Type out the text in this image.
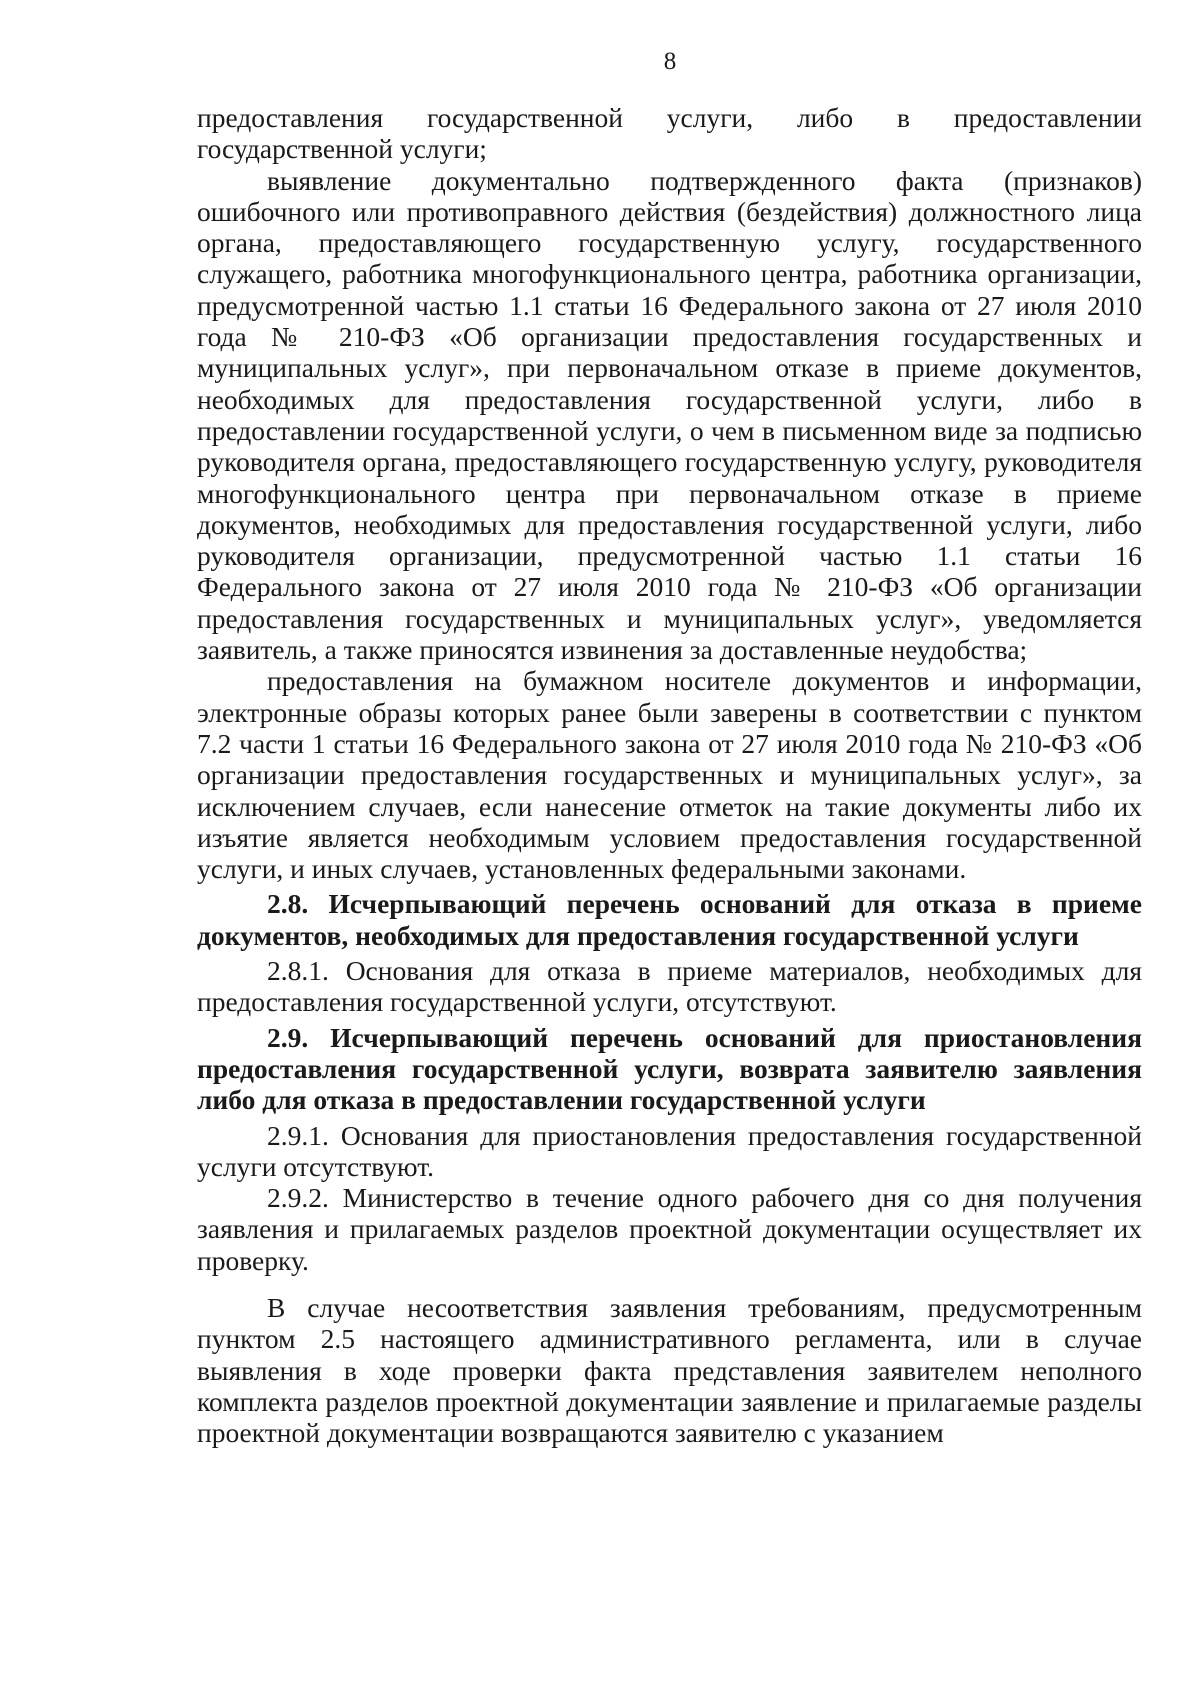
8

предоставления государственной услуги, либо в предоставлении государственной услуги;

выявление документально подтвержденного факта (признаков) ошибочного или противоправного действия (бездействия) должностного лица органа, предоставляющего государственную услугу, государственного служащего, работника многофункционального центра, работника организации, предусмотренной частью 1.1 статьи 16 Федерального закона от 27 июля 2010 года № 210-ФЗ «Об организации предоставления государственных и муниципальных услуг», при первоначальном отказе в приеме документов, необходимых для предоставления государственной услуги, либо в предоставлении государственной услуги, о чем в письменном виде за подписью руководителя органа, предоставляющего государственную услугу, руководителя многофункционального центра при первоначальном отказе в приеме документов, необходимых для предоставления государственной услуги, либо руководителя организации, предусмотренной частью 1.1 статьи 16 Федерального закона от 27 июля 2010 года № 210-ФЗ «Об организации предоставления государственных и муниципальных услуг», уведомляется заявитель, а также приносятся извинения за доставленные неудобства;

предоставления на бумажном носителе документов и информации, электронные образы которых ранее были заверены в соответствии с пунктом 7.2 части 1 статьи 16 Федерального закона от 27 июля 2010 года № 210-ФЗ «Об организации предоставления государственных и муниципальных услуг», за исключением случаев, если нанесение отметок на такие документы либо их изъятие является необходимым условием предоставления государственной услуги, и иных случаев, установленных федеральными законами.

2.8. Исчерпывающий перечень оснований для отказа в приеме документов, необходимых для предоставления государственной услуги

2.8.1. Основания для отказа в приеме материалов, необходимых для предоставления государственной услуги, отсутствуют.

2.9. Исчерпывающий перечень оснований для приостановления предоставления государственной услуги, возврата заявителю заявления либо для отказа в предоставлении государственной услуги

2.9.1. Основания для приостановления предоставления государственной услуги отсутствуют.

2.9.2. Министерство в течение одного рабочего дня со дня получения заявления и прилагаемых разделов проектной документации осуществляет их проверку.

В случае несоответствия заявления требованиям, предусмотренным пунктом 2.5 настоящего административного регламента, или в случае выявления в ходе проверки факта представления заявителем неполного комплекта разделов проектной документации заявление и прилагаемые разделы проектной документации возвращаются заявителю с указанием
